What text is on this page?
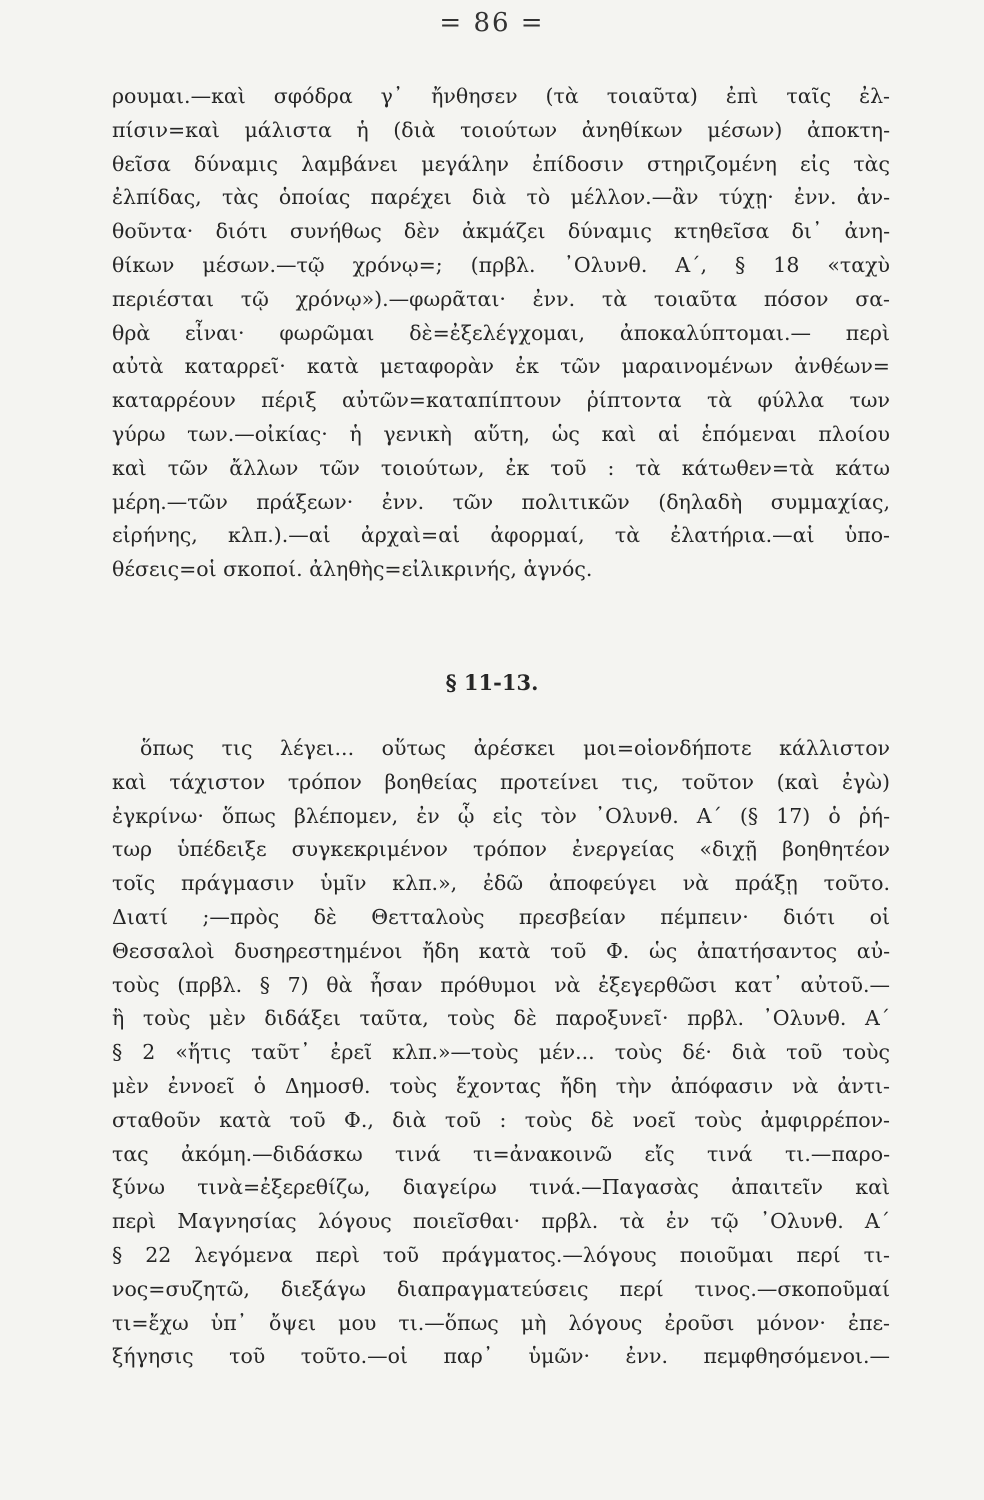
= 86 =
ρουμαι.—καὶ σφόδρα γ᾽ ἤνθησεν (τὰ τοιαῦτα) ἐπὶ ταῖς ἐλ-
πίσιν=καὶ μάλιστα ἡ (διὰ τοιούτων ἀνηθίκων μέσων) ἀποκτη-
θεῖσα δύναμις λαμβάνει μεγάλην ἐπίδοσιν στηριζομένη εἰς τὰς
ἐλπίδας, τὰς ὁποίας παρέχει διὰ τὸ μέλλον.—ἂν τύχῃ· ἐνν. ἀν-
θοῦντα· διότι συνήθως δὲν ἀκμάζει δύναμις κτηθεῖσα δι᾽ ἀνη-
θίκων μέσων.—τῷ χρόνῳ=; (πρβλ. ᾿Ολυνθ. Α΄, § 18 «ταχὺ
περιέσται τῷ χρόνῳ»).—φωρᾶται· ἐνν. τὰ τοιαῦτα πόσον σα-
θρὰ εἶναι· φωρῶμαι δὲ=ἐξελέγχομαι, ἀποκαλύπτομαι.— περὶ
αὐτὰ καταρρεῖ· κατὰ μεταφορὰν ἐκ τῶν μαραινομένων ἀνθέων=
καταρρέουν πέριξ αὐτῶν=καταπίπτουν ῥίπτοντα τὰ φύλλα των
γύρω των.—οἰκίας· ἡ γενικὴ αὕτη, ὡς καὶ αἱ ἑπόμεναι πλοίου
καὶ τῶν ἄλλων τῶν τοιούτων, ἐκ τοῦ : τὰ κάτωθεν=τὰ κάτω
μέρη.—τῶν πράξεων· ἐνν. τῶν πολιτικῶν (δηλαδὴ συμμαχίας,
εἰρήνης, κλπ.).—αἱ ἀρχαὶ=αἱ ἀφορμαί, τὰ ἐλατήρια.—αἱ ὑπο-
θέσεις=οἱ σκοποί. ἀληθὴς=εἰλικρινής, ἁγνός.
§ 11-13.
ὅπως τις λέγει... οὕτως ἀρέσκει μοι=οἱονδήποτε κάλλιστον
καὶ τάχιστον τρόπον βοηθείας προτείνει τις, τοῦτον (καὶ ἐγὼ)
ἐγκρίνω· ὅπως βλέπομεν, ἐν ᾧ εἰς τὸν ᾿Ολυνθ. Α΄ (§ 17) ὁ ῥή-
τωρ ὑπέδειξε συγκεκριμένον τρόπον ἐνεργείας «διχῇ βοηθητέον
τοῖς πράγμασιν ὑμῖν κλπ.», ἐδῶ ἀποφεύγει νὰ πράξῃ τοῦτο.
Διατί ;—πρὸς δὲ Θετταλοὺς πρεσβείαν πέμπειν· διότι οἱ
Θεσσαλοὶ δυσηρεστημένοι ἤδη κατὰ τοῦ Φ. ὡς ἀπατήσαντος αὐ-
τοὺς (πρβλ. § 7) θὰ ἦσαν πρόθυμοι νὰ ἐξεγερθῶσι κατ᾽ αὐτοῦ.—
ἣ τοὺς μὲν διδάξει ταῦτα, τοὺς δὲ παροξυνεῖ· πρβλ. ᾿Ολυνθ. Α΄
§ 2 «ἥτις ταῦτ᾽ ἐρεῖ κλπ.»—τοὺς μέν... τοὺς δέ· διὰ τοῦ τοὺς
μὲν ἐννοεῖ ὁ Δημοσθ. τοὺς ἔχοντας ἤδη τὴν ἀπόφασιν νὰ ἀντι-
σταθοῦν κατὰ τοῦ Φ., διὰ τοῦ : τοὺς δὲ νοεῖ τοὺς ἀμφιρρέπον-
τας ἀκόμη.—διδάσκω τινά τι=ἀνακοινῶ εἴς τινά τι.—παρο-
ξύνω τινὰ=ἐξερεθίζω, διαγείρω τινά.—Παγασὰς ἀπαιτεῖν καὶ
περὶ Μαγνησίας λόγους ποιεῖσθαι· πρβλ. τὰ ἐν τῷ ᾿Ολυνθ. Α΄
§ 22 λεγόμενα περὶ τοῦ πράγματος.—λόγους ποιοῦμαι περί τι-
νος=συζητῶ, διεξάγω διαπραγματεύσεις περί τινος.—σκοποῦμαί
τι=ἔχω ὑπ᾽ ὄψει μου τι.—ὅπως μὴ λόγους ἐροῦσι μόνον· ἐπε-
ξήγησις τοῦ τοῦτο.—οἱ παρ᾽ ὑμῶν· ἐνν. πεμφθησόμενοι.—
